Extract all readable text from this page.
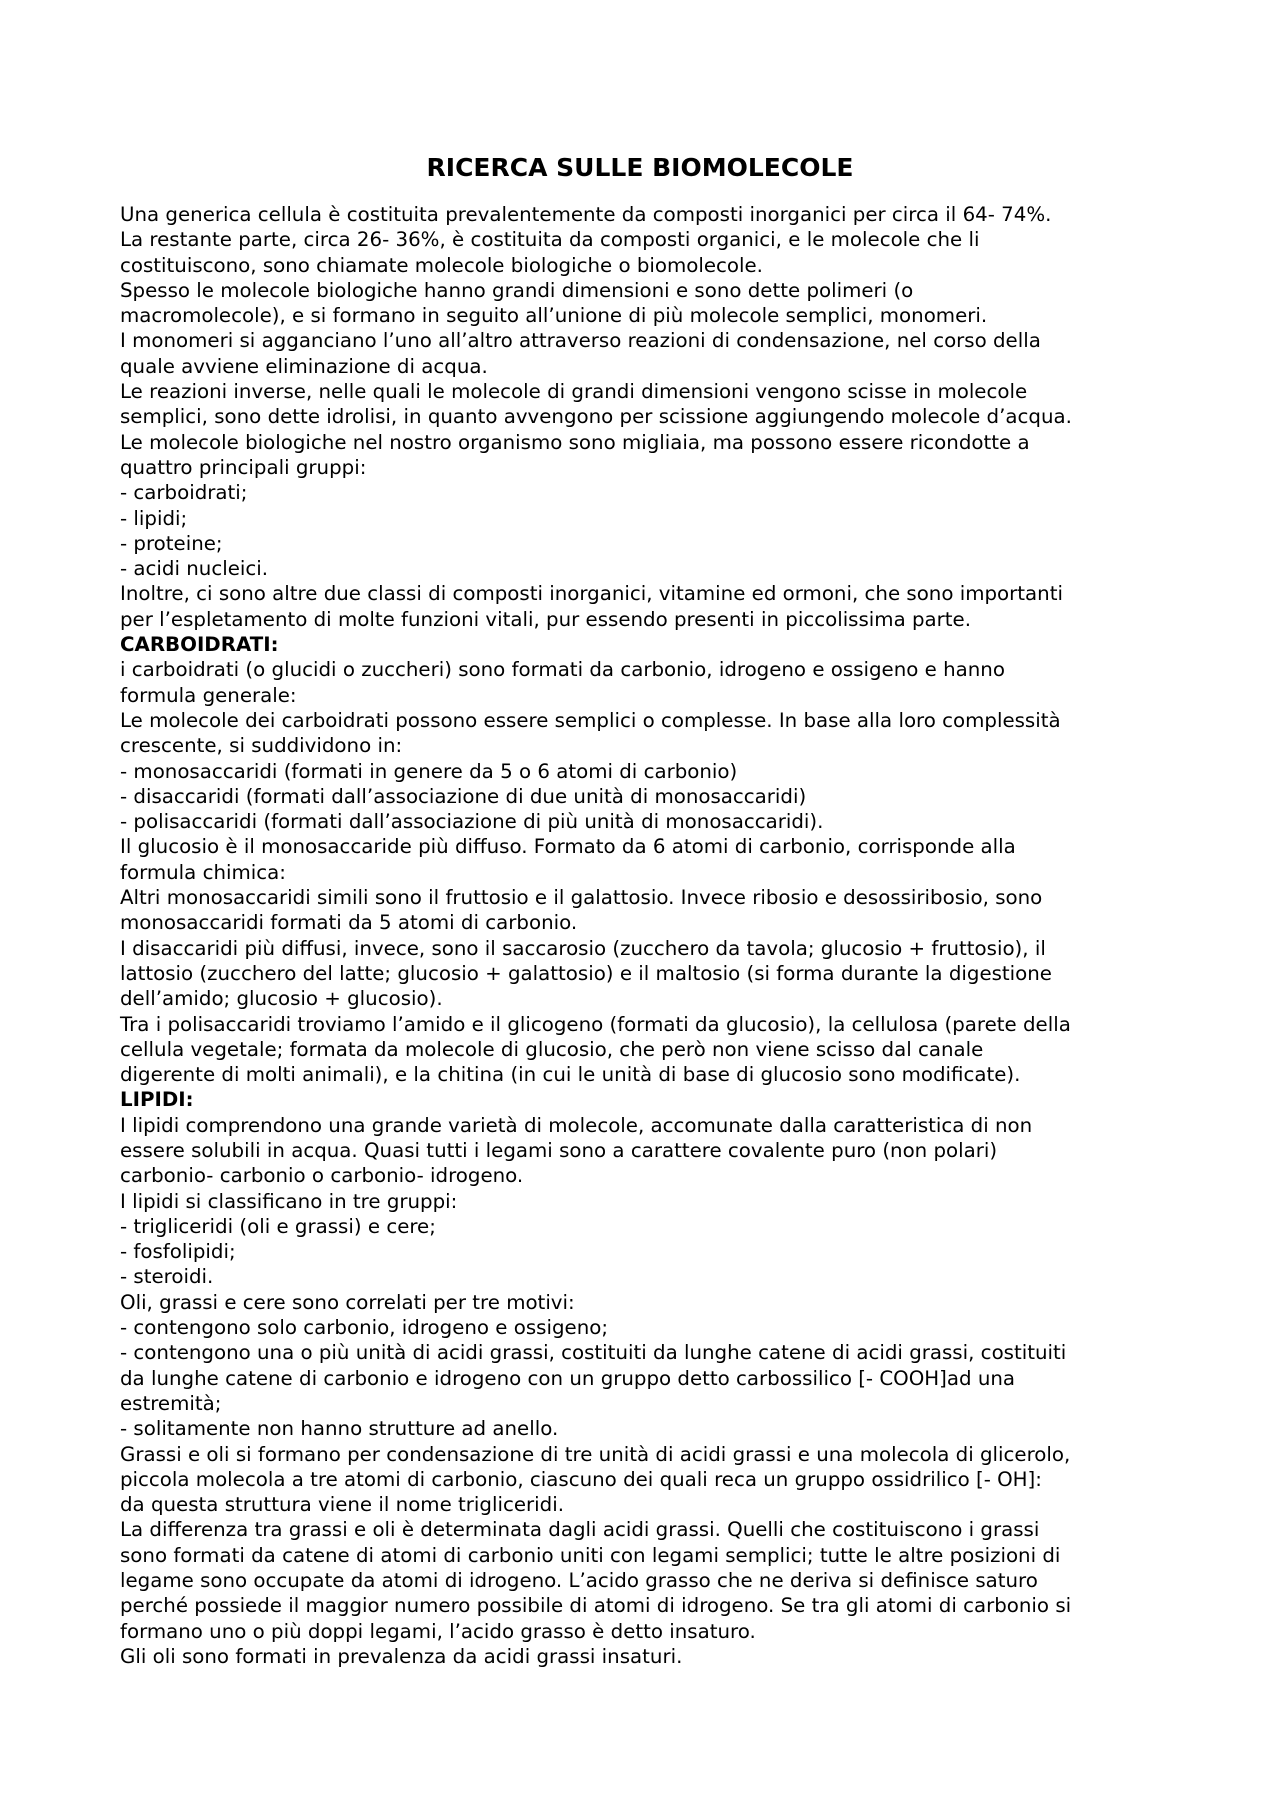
RICERCA SULLE BIOMOLECOLE
Una generica cellula è costituita prevalentemente da composti inorganici per circa il 64- 74%.
La restante parte, circa 26- 36%, è costituita da composti organici, e le molecole che li
costituiscono, sono chiamate molecole biologiche o biomolecole.
Spesso le molecole biologiche hanno grandi dimensioni e sono dette polimeri (o
macromolecole), e si formano in seguito all’unione di più molecole semplici, monomeri.
I monomeri si agganciano l’uno all’altro attraverso reazioni di condensazione, nel corso della
quale avviene eliminazione di acqua.
Le reazioni inverse, nelle quali le molecole di grandi dimensioni vengono scisse in molecole
semplici, sono dette idrolisi, in quanto avvengono per scissione aggiungendo molecole d’acqua.
Le molecole biologiche nel nostro organismo sono migliaia, ma possono essere ricondotte a
quattro principali gruppi:
- carboidrati;
- lipidi;
- proteine;
- acidi nucleici.
Inoltre, ci sono altre due classi di composti inorganici, vitamine ed ormoni, che sono importanti
per l’espletamento di molte funzioni vitali, pur essendo presenti in piccolissima parte.
CARBOIDRATI:
i carboidrati (o glucidi o zuccheri) sono formati da carbonio, idrogeno e ossigeno e hanno
formula generale:
Le molecole dei carboidrati possono essere semplici o complesse. In base alla loro complessità
crescente, si suddividono in:
- monosaccaridi (formati in genere da 5 o 6 atomi di carbonio)
- disaccaridi (formati dall’associazione di due unità di monosaccaridi)
- polisaccaridi (formati dall’associazione di più unità di monosaccaridi).
Il glucosio è il monosaccaride più diffuso. Formato da 6 atomi di carbonio, corrisponde alla
formula chimica:
Altri monosaccaridi simili sono il fruttosio e il galattosio. Invece ribosio e desossiribosio, sono
monosaccaridi formati da 5 atomi di carbonio.
I disaccaridi più diffusi, invece, sono il saccarosio (zucchero da tavola; glucosio + fruttosio), il
lattosio (zucchero del latte; glucosio + galattosio) e il maltosio (si forma durante la digestione
dell’amido; glucosio + glucosio).
Tra i polisaccaridi troviamo l’amido e il glicogeno (formati da glucosio), la cellulosa (parete della
cellula vegetale; formata da molecole di glucosio, che però non viene scisso dal canale
digerente di molti animali), e la chitina (in cui le unità di base di glucosio sono modificate).
LIPIDI:
I lipidi comprendono una grande varietà di molecole, accomunate dalla caratteristica di non
essere solubili in acqua. Quasi tutti i legami sono a carattere covalente puro (non polari)
carbonio- carbonio o carbonio- idrogeno.
I lipidi si classificano in tre gruppi:
- trigliceridi (oli e grassi) e cere;
- fosfolipidi;
- steroidi.
Oli, grassi e cere sono correlati per tre motivi:
- contengono solo carbonio, idrogeno e ossigeno;
- contengono una o più unità di acidi grassi, costituiti da lunghe catene di acidi grassi, costituiti
da lunghe catene di carbonio e idrogeno con un gruppo detto carbossilico [- COOH]ad una
estremità;
- solitamente non hanno strutture ad anello.
Grassi e oli si formano per condensazione di tre unità di acidi grassi e una molecola di glicerolo,
piccola molecola a tre atomi di carbonio, ciascuno dei quali reca un gruppo ossidrilico [- OH]:
da questa struttura viene il nome trigliceridi.
La differenza tra grassi e oli è determinata dagli acidi grassi. Quelli che costituiscono i grassi
sono formati da catene di atomi di carbonio uniti con legami semplici; tutte le altre posizioni di
legame sono occupate da atomi di idrogeno. L’acido grasso che ne deriva si definisce saturo
perché possiede il maggior numero possibile di atomi di idrogeno. Se tra gli atomi di carbonio si
formano uno o più doppi legami, l’acido grasso è detto insaturo.
Gli oli sono formati in prevalenza da acidi grassi insaturi.
